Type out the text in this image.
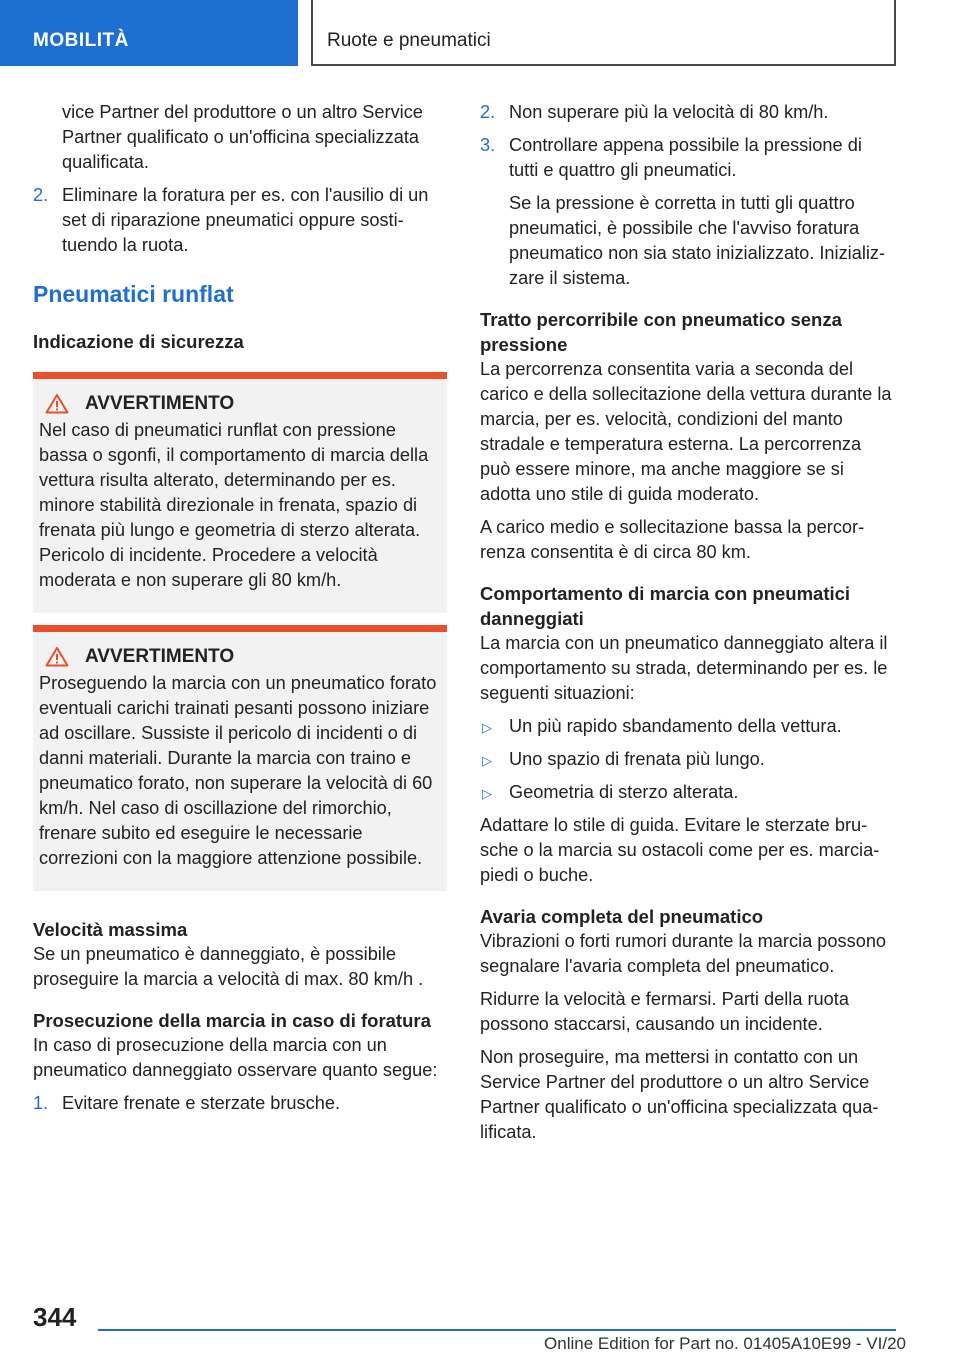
MOBILITÀ	Ruote e pneumatici
vice Partner del produttore o un altro Service Partner qualificato o un'officina specializzata qualificata.
2. Eliminare la foratura per es. con l'ausilio di un set di riparazione pneumatici oppure sostituendo la ruota.
Pneumatici runflat
Indicazione di sicurezza
AVVERTIMENTO
Nel caso di pneumatici runflat con pressione bassa o sgonfi, il comportamento di marcia della vettura risulta alterato, determinando per es. minore stabilità direzionale in frenata, spazio di frenata più lungo e geometria di sterzo alterata. Pericolo di incidente. Procedere a velocità moderata e non superare gli 80 km/h.
AVVERTIMENTO
Proseguendo la marcia con un pneumatico forato eventuali carichi trainati pesanti possono iniziare ad oscillare. Sussiste il pericolo di incidenti o di danni materiali. Durante la marcia con traino e pneumatico forato, non superare la velocità di 60 km/h. Nel caso di oscillazione del rimorchio, frenare subito ed eseguire le necessarie correzioni con la maggiore attenzione possibile.
Velocità massima
Se un pneumatico è danneggiato, è possibile proseguire la marcia a velocità di max. 80 km/h .
Prosecuzione della marcia in caso di foratura
In caso di prosecuzione della marcia con un pneumatico danneggiato osservare quanto segue:
1. Evitare frenate e sterzate brusche.
2. Non superare più la velocità di 80 km/h.
3. Controllare appena possibile la pressione di tutti e quattro gli pneumatici.
Se la pressione è corretta in tutti gli quattro pneumatici, è possibile che l'avviso foratura pneumatico non sia stato inizializzato. Inizializzare il sistema.
Tratto percorribile con pneumatico senza pressione
La percorrenza consentita varia a seconda del carico e della sollecitazione della vettura durante la marcia, per es. velocità, condizioni del manto stradale e temperatura esterna. La percorrenza può essere minore, ma anche maggiore se si adotta uno stile di guida moderato.
A carico medio e sollecitazione bassa la percorrenza consentita è di circa 80 km.
Comportamento di marcia con pneumatici danneggiati
La marcia con un pneumatico danneggiato altera il comportamento su strada, determinando per es. le seguenti situazioni:
▷ Un più rapido sbandamento della vettura.
▷ Uno spazio di frenata più lungo.
▷ Geometria di sterzo alterata.
Adattare lo stile di guida. Evitare le sterzate brusche o la marcia su ostacoli come per es. marciapiedi o buche.
Avaria completa del pneumatico
Vibrazioni o forti rumori durante la marcia possono segnalare l'avaria completa del pneumatico.
Ridurre la velocità e fermarsi. Parti della ruota possono staccarsi, causando un incidente.
Non proseguire, ma mettersi in contatto con un Service Partner del produttore o un altro Service Partner qualificato o un'officina specializzata qualificata.
344
Online Edition for Part no. 01405A10E99 - VI/20
